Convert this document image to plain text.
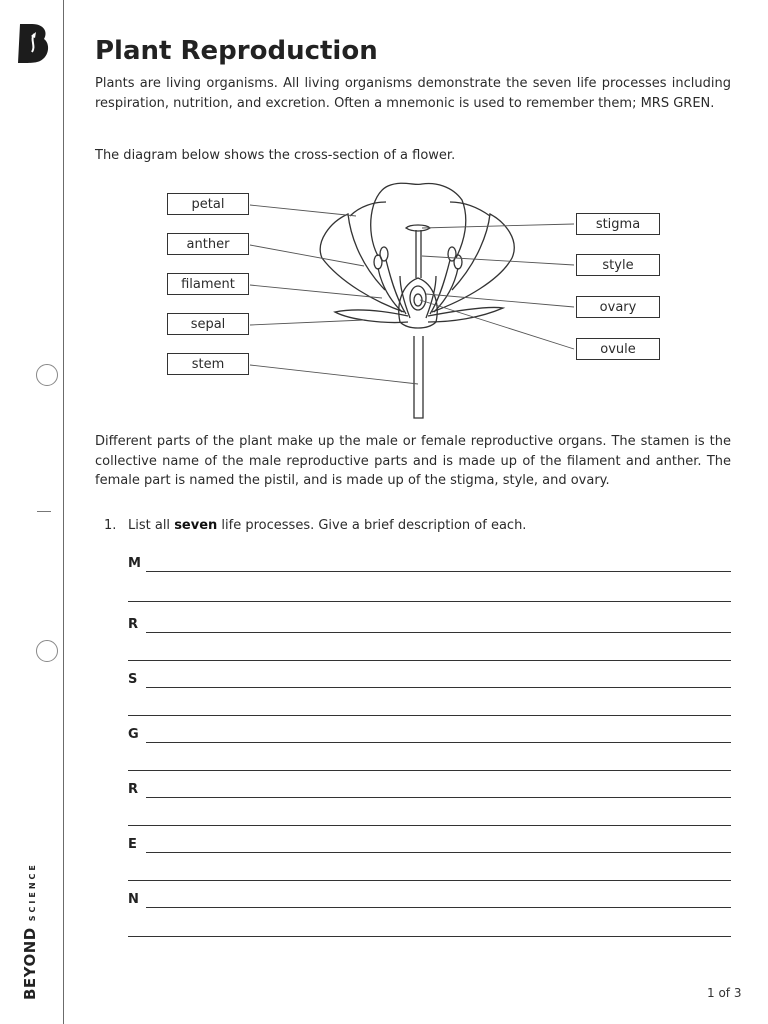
BEYONDSCIENCE
Plant Reproduction

Plants are living organisms. All living organisms demonstrate the seven life processes including respiration, nutrition, and excretion. Often a mnemonic is used to remember them; MRS GREN.

The diagram below shows the cross-section of a flower.

petal
anther
filament
sepal
stem
stigma
style
ovary
ovule

Different parts of the plant make up the male or female reproductive organs. The stamen is the collective name of the male reproductive parts and is made up of the filament and anther. The female part is named the pistil, and is made up of the stigma, style, and ovary.

1. List all seven life processes. Give a brief description of each.
M
R
S
G
R
E
N
1 of 3
